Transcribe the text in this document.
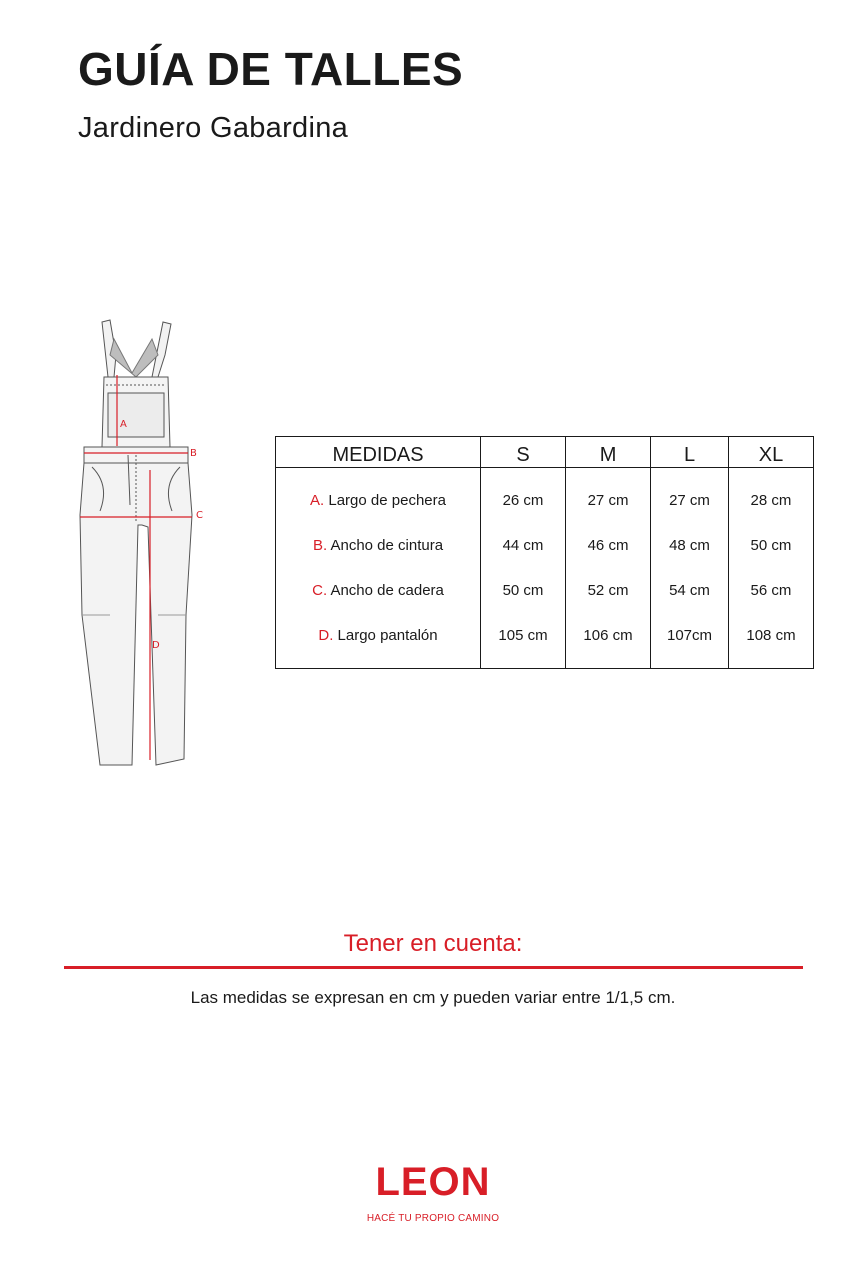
GUÍA DE TALLES
Jardinero Gabardina
A
B
C
D
MEDIDAS	S	M	L	XL
A. Largo de pechera	26 cm	27 cm	27 cm	28 cm
B. Ancho de cintura	44 cm	46 cm	48 cm	50 cm
C. Ancho de cadera	50 cm	52 cm	54 cm	56 cm
D. Largo pantalón	105 cm	106 cm	107cm	108 cm

Tener en cuenta:

Las medidas se expresan en cm y pueden variar entre 1/1,5 cm.

LEON
HACÉ TU PROPIO CAMINO
